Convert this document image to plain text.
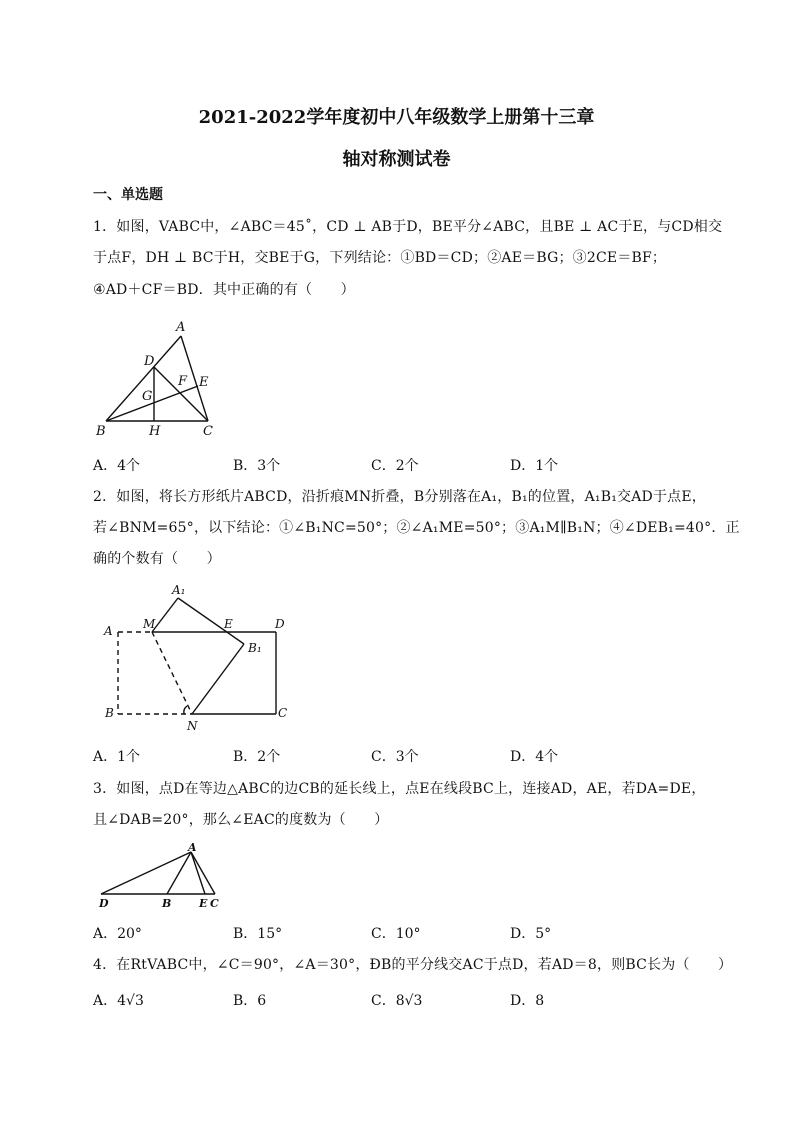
2021-2022学年度初中八年级数学上册第十三章
轴对称测试卷
一、单选题
1．如图，VABC中，∠ABC＝45˚，CD ⊥ AB于D，BE平分∠ABC，且BE ⊥ AC于E，与CD相交
于点F，DH ⊥ BC于H，交BE于G，下列结论：①BD＝CD；②AE＝BG；③2CE＝BF；
④AD＋CF＝BD．其中正确的有（　　）
A
D
F E
G
B	H	C
A．4个	B．3个	C．2个	D．1个
2．如图，将长方形纸片ABCD，沿折痕MN折叠，B分别落在A₁，B₁的位置，A₁B₁交AD于点E，
若∠BNM=65°，以下结论：①∠B₁NC=50°；②∠A₁ME=50°；③A₁M∥B₁N；④∠DEB₁=40°．正
确的个数有（　　）
A₁
A	M	E	D
B₁
B
N
C
A．1个	B．2个	C．3个	D．4个
3．如图，点D在等边△ABC的边CB的延长线上，点E在线段BC上，连接AD，AE，若DA=DE，
且∠DAB=20°，那么∠EAC的度数为（　　）
A
D	B	E C
A．20°	B．15°	C．10°	D．5°
4．在RtVABC中，∠C＝90°，∠A＝30°，ÐB的平分线交AC于点D，若AD＝8，则BC长为（　　）
A．4√3	B．6	C．8√3	D．8
